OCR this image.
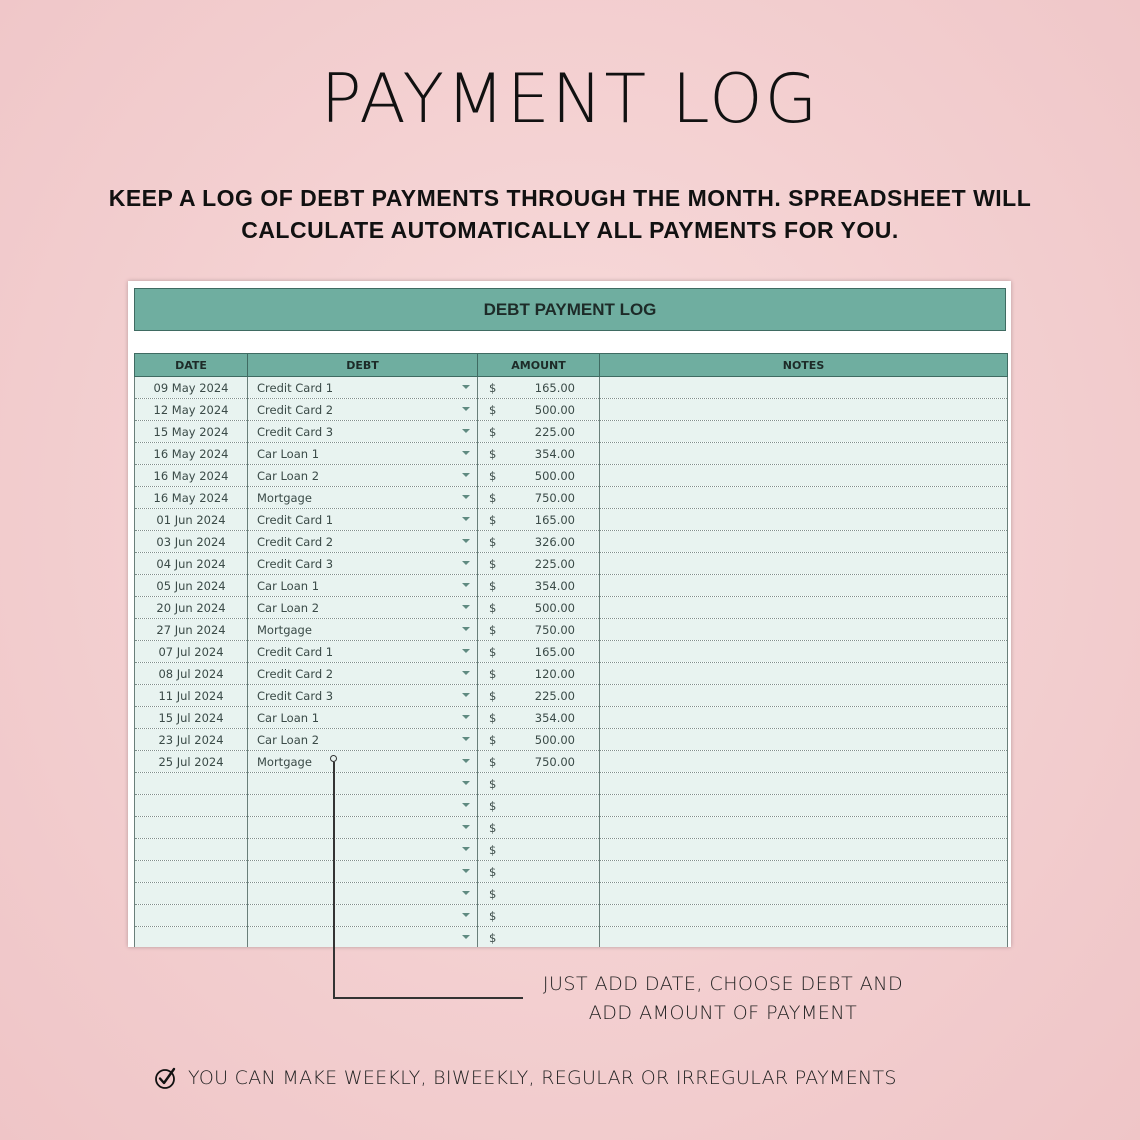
PAYMENT LOG
KEEP A LOG OF DEBT PAYMENTS THROUGH THE MONTH. SPREADSHEET WILL
CALCULATE AUTOMATICALLY ALL PAYMENTS FOR YOU.
DEBT PAYMENT LOG
DATE	DEBT	AMOUNT	NOTES
09 May 2024	Credit Card 1	$ 165.00	

12 May 2024	Credit Card 2	$ 500.00	

15 May 2024	Credit Card 3	$ 225.00	

16 May 2024	Car Loan 1	$ 354.00	

16 May 2024	Car Loan 2	$ 500.00	

16 May 2024	Mortgage	$ 750.00	

01 Jun 2024	Credit Card 1	$ 165.00	

03 Jun 2024	Credit Card 2	$ 326.00	

04 Jun 2024	Credit Card 3	$ 225.00	

05 Jun 2024	Car Loan 1	$ 354.00	

20 Jun 2024	Car Loan 2	$ 500.00	

27 Jun 2024	Mortgage	$ 750.00	

07 Jul 2024	Credit Card 1	$ 165.00	

08 Jul 2024	Credit Card 2	$ 120.00	

11 Jul 2024	Credit Card 3	$ 225.00	

15 Jul 2024	Car Loan 1	$ 354.00	

23 Jul 2024	Car Loan 2	$ 500.00	

25 Jul 2024	Mortgage	$ 750.00	

		$	

		$	

		$	

		$	

		$	

		$	

		$	

		$	

JUST ADD DATE, CHOOSE DEBT AND
ADD AMOUNT OF PAYMENT
YOU CAN MAKE WEEKLY, BIWEEKLY, REGULAR OR IRREGULAR PAYMENTS
